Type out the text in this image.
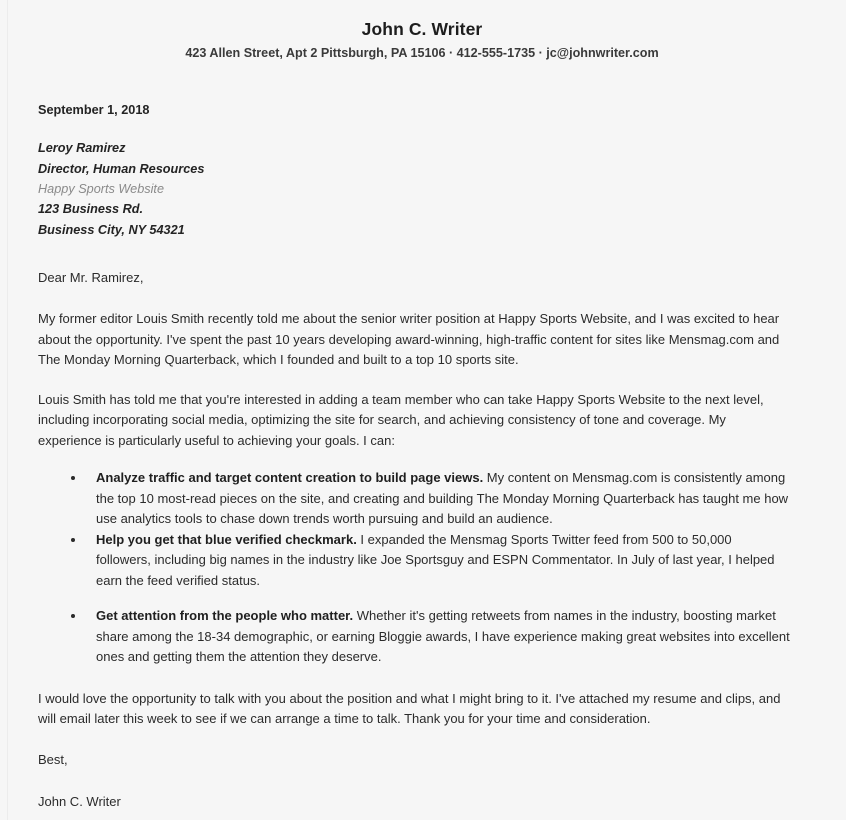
John C. Writer
423 Allen Street, Apt 2 Pittsburgh, PA 15106 · 412-555-1735 · jc@johnwriter.com
September 1, 2018
Leroy Ramirez
Director, Human Resources
Happy Sports Website
123 Business Rd.
Business City, NY 54321
Dear Mr. Ramirez,

My former editor Louis Smith recently told me about the senior writer position at Happy Sports Website, and I was excited to hear about the opportunity. I've spent the past 10 years developing award-winning, high-traffic content for sites like Mensmag.com and The Monday Morning Quarterback, which I founded and built to a top 10 sports site.

Louis Smith has told me that you're interested in adding a team member who can take Happy Sports Website to the next level, including incorporating social media, optimizing the site for search, and achieving consistency of tone and coverage. My experience is particularly useful to achieving your goals. I can:

Analyze traffic and target content creation to build page views. My content on Mensmag.com is consistently among the top 10 most-read pieces on the site, and creating and building The Monday Morning Quarterback has taught me how use analytics tools to chase down trends worth pursuing and build an audience.
Help you get that blue verified checkmark. I expanded the Mensmag Sports Twitter feed from 500 to 50,000 followers, including big names in the industry like Joe Sportsguy and ESPN Commentator. In July of last year, I helped earn the feed verified status.
Get attention from the people who matter. Whether it's getting retweets from names in the industry, boosting market share among the 18-34 demographic, or earning Bloggie awards, I have experience making great websites into excellent ones and getting them the attention they deserve.

I would love the opportunity to talk with you about the position and what I might bring to it. I've attached my resume and clips, and will email later this week to see if we can arrange a time to talk. Thank you for your time and consideration.

Best,
John C. Writer
